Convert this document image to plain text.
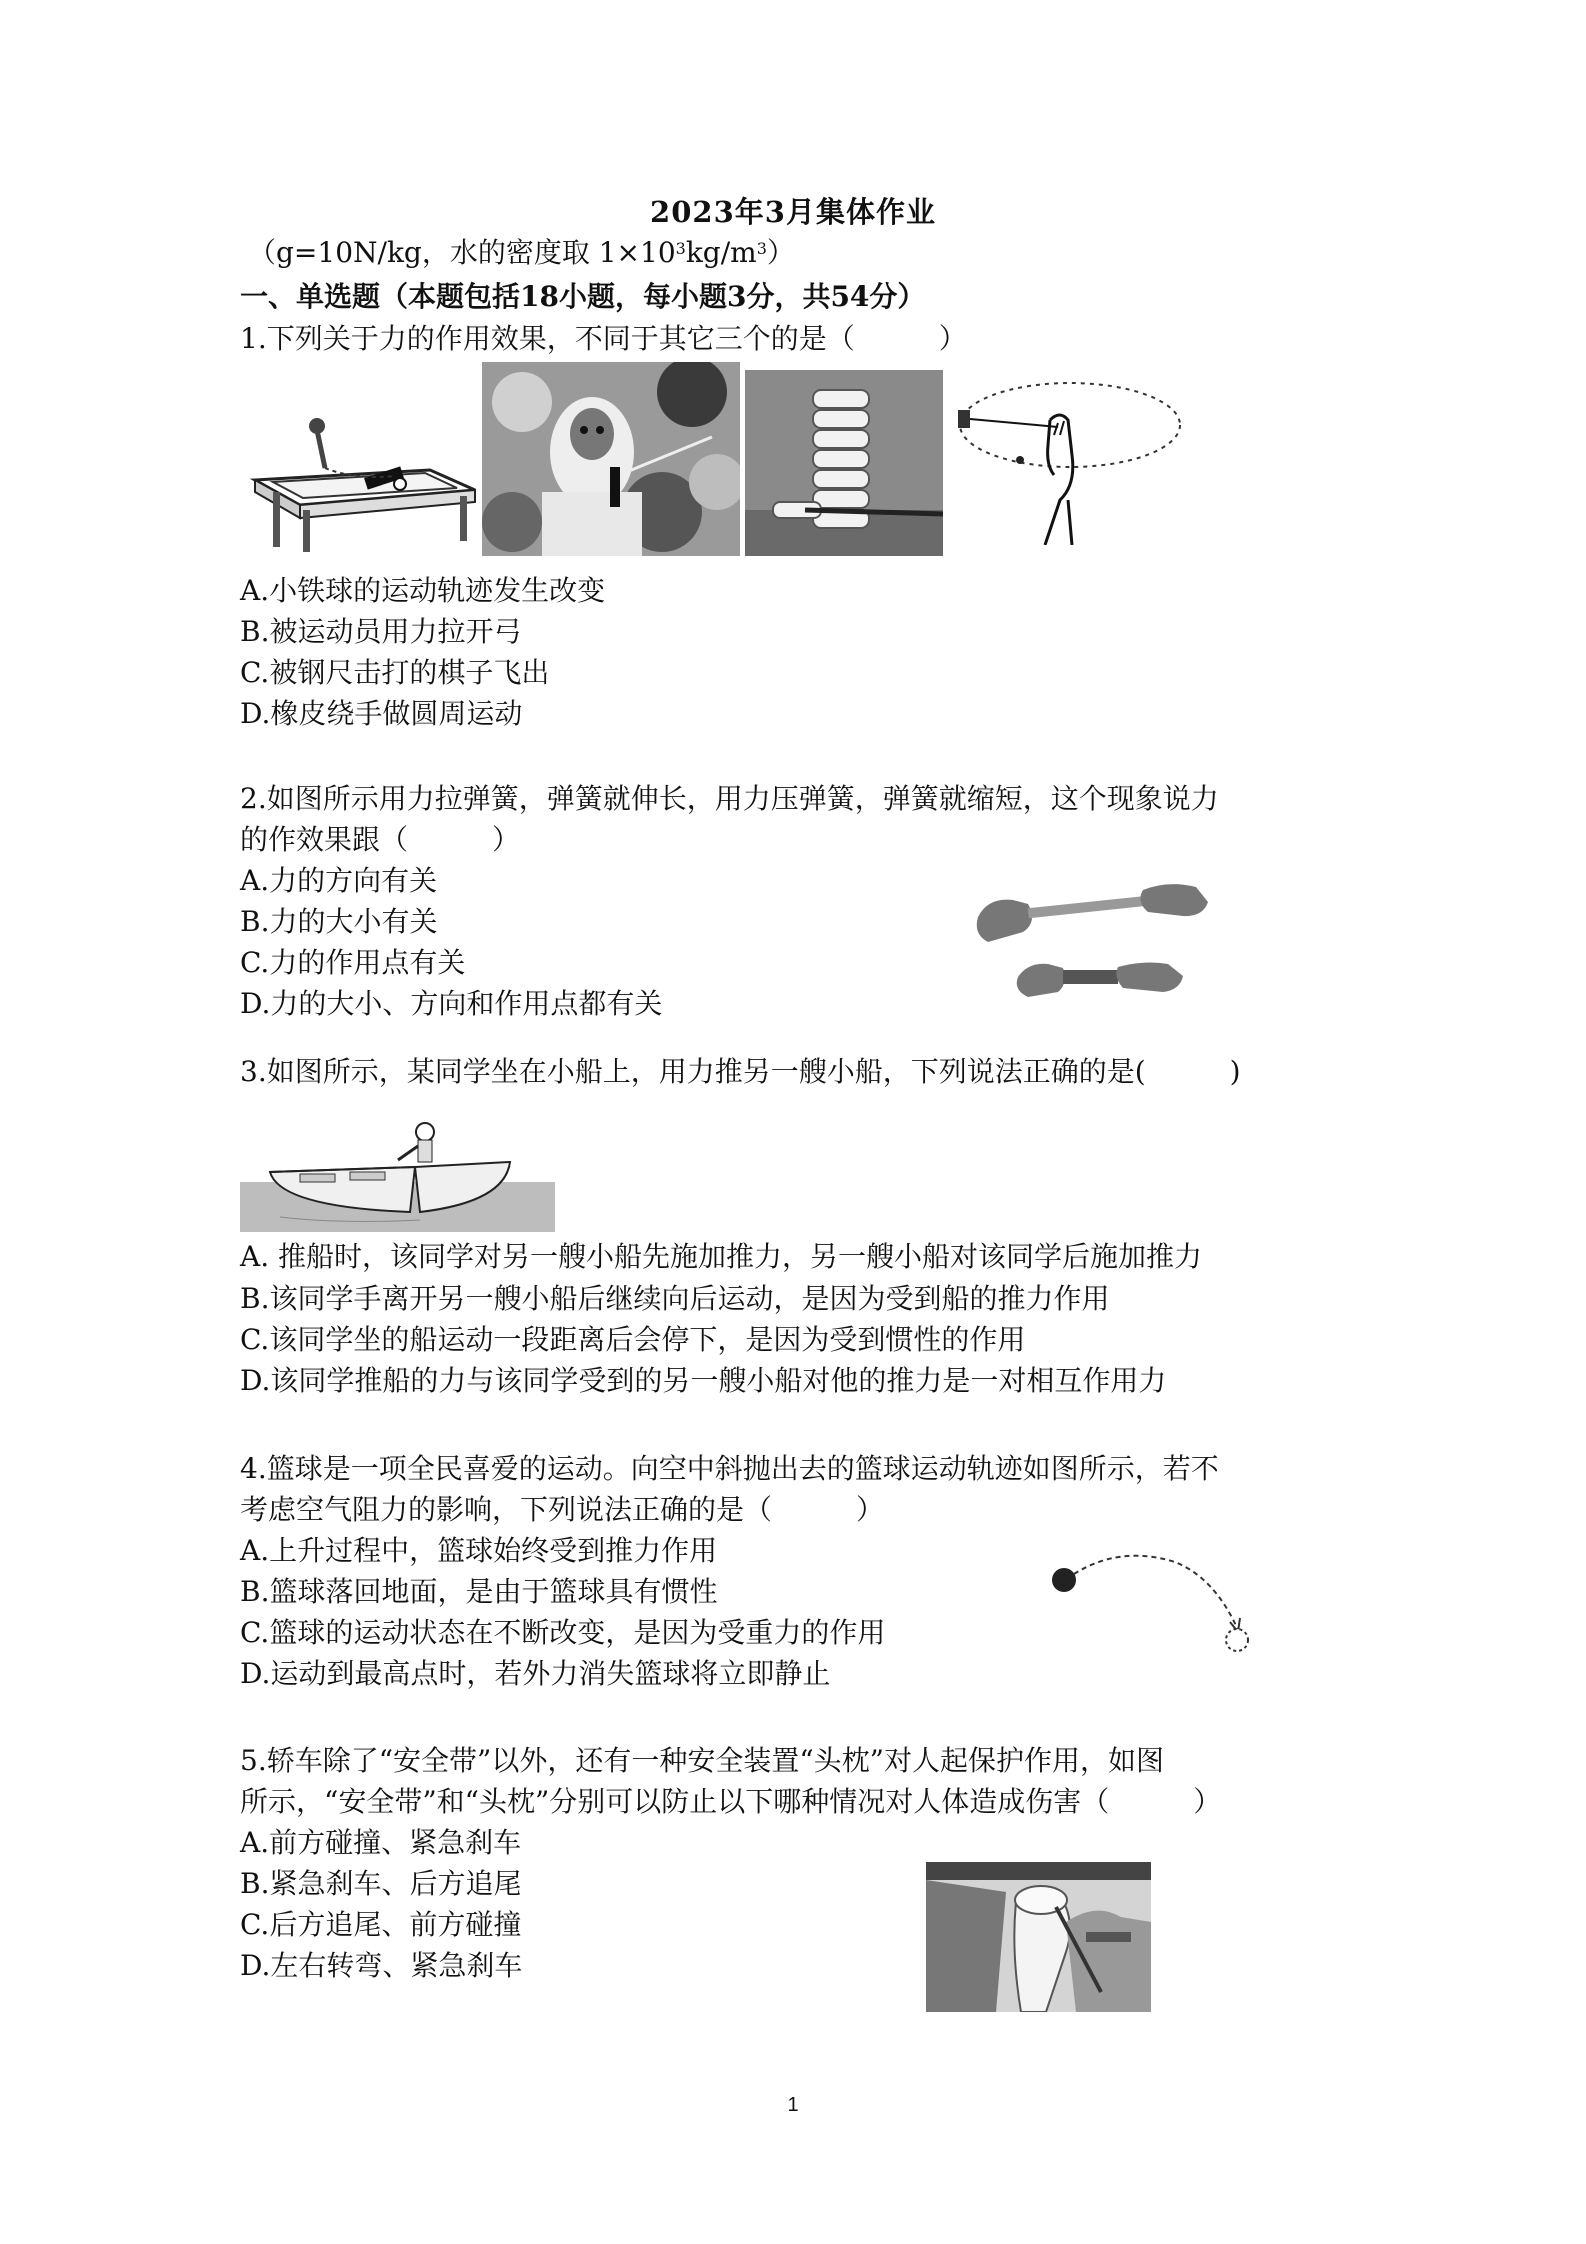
2023年3月集体作业
（g=10N/kg，水的密度取 $1\times 10^3kg/m^3$）
一、单选题（本题包括18小题，每小题3分，共54分）
1.下列关于力的作用效果，不同于其它三个的是（　　　）
A.小铁球的运动轨迹发生改变
B.被运动员用力拉开弓
C.被钢尺击打的棋子飞出
D.橡皮绕手做圆周运动
2.如图所示用力拉弹簧，弹簧就伸长，用力压弹簧，弹簧就缩短，这个现象说力
的作效果跟（　　　）
A.力的方向有关
B.力的大小有关
C.力的作用点有关
D.力的大小、方向和作用点都有关
3.如图所示，某同学坐在小船上，用力推另一艘小船，下列说法正确的是(　　　)
A. 推船时，该同学对另一艘小船先施加推力，另一艘小船对该同学后施加推力
B.该同学手离开另一艘小船后继续向后运动，是因为受到船的推力作用
C.该同学坐的船运动一段距离后会停下，是因为受到惯性的作用
D.该同学推船的力与该同学受到的另一艘小船对他的推力是一对相互作用力
4.篮球是一项全民喜爱的运动。向空中斜抛出去的篮球运动轨迹如图所示，若不
考虑空气阻力的影响，下列说法正确的是（　　　）
A.上升过程中，篮球始终受到推力作用
B.篮球落回地面，是由于篮球具有惯性
C.篮球的运动状态在不断改变，是因为受重力的作用
D.运动到最高点时，若外力消失篮球将立即静止
5.轿车除了“安全带”以外，还有一种安全装置“头枕”对人起保护作用，如图
所示，“安全带”和“头枕”分别可以防止以下哪种情况对人体造成伤害（　　　）
A.前方碰撞、紧急刹车
B.紧急刹车、后方追尾
C.后方追尾、前方碰撞
D.左右转弯、紧急刹车
1
